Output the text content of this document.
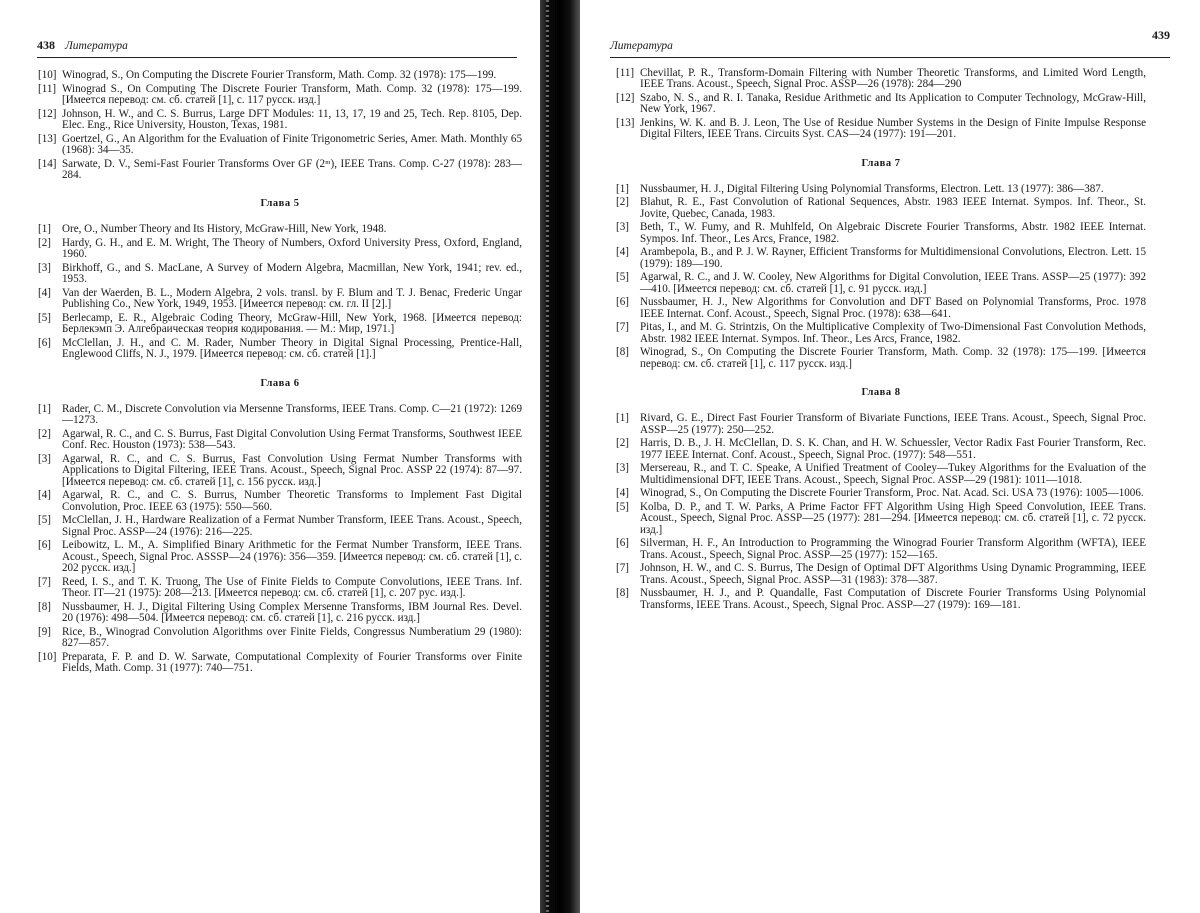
438 Литература
[10] Winograd, S., On Computing the Discrete Fourier Transform, Math. Comp. 32 (1978): 175—199.
[11] Winograd S., On Computing The Discrete Fourier Transform, Math. Comp. 32 (1978): 175—199. [Имеется перевод: см. сб. статей [1], с. 117 русск. изд.]
[12] Johnson, H. W., and C. S. Burrus, Large DFT Modules: 11, 13, 17, 19 and 25, Tech. Rep. 8105, Dep. Elec. Eng., Rice University, Houston, Texas, 1981.
[13] Goertzel, G., An Algorithm for the Evaluation of Finite Trigonometric Series, Amer. Math. Monthly 65 (1968): 34—35.
[14] Sarwate, D. V., Semi-Fast Fourier Transforms Over GF (2ᵐ), IEEE Trans. Comp. C-27 (1978): 283—284.
Глава 5
[1] Ore, O., Number Theory and Its History, McGraw-Hill, New York, 1948.
[2] Hardy, G. H., and E. M. Wright, The Theory of Numbers, Oxford University Press, Oxford, England, 1960.
[3] Birkhoff, G., and S. MacLane, A Survey of Modern Algebra, Macmillan, New York, 1941; rev. ed., 1953.
[4] Van der Waerden, B. L., Modern Algebra, 2 vols. transl. by F. Blum and T. J. Benac, Frederic Ungar Publishing Co., New York, 1949, 1953. [Имеется перевод: см. гл. II [2].]
[5] Berlecamp, E. R., Algebraic Coding Theory, McGraw-Hill, New York, 1968. [Имеется перевод: Берлекэмп Э. Алгебраическая теория кодирования. — М.: Мир, 1971.]
[6] McClellan, J. H., and C. M. Rader, Number Theory in Digital Signal Processing, Prentice-Hall, Englewood Cliffs, N. J., 1979. [Имеется перевод: см. сб. статей [1].]
Глава 6
[1] Rader, C. M., Discrete Convolution via Mersenne Transforms, IEEE Trans. Comp. C—21 (1972): 1269—1273.
[2] Agarwal, R. C., and C. S. Burrus, Fast Digital Convolution Using Fermat Transforms, Southwest IEEE Conf. Rec. Houston (1973): 538—543.
[3] Agarwal, R. C., and C. S. Burrus, Fast Convolution Using Fermat Number Transforms with Applications to Digital Filtering, IEEE Trans. Acoust., Speech, Signal Proc. ASSP 22 (1974): 87—97. [Имеется перевод: см. сб. статей [1], с. 156 русск. изд.]
[4] Agarwal, R. C., and C. S. Burrus, Number Theoretic Transforms to Implement Fast Digital Convolution, Proc. IEEE 63 (1975): 550—560.
[5] McClellan, J. H., Hardware Realization of a Fermat Number Transform, IEEE Trans. Acoust., Speech, Signal Proc. ASSP—24 (1976): 216—225.
[6] Leibowitz, L. M., A. Simplified Binary Arithmetic for the Fermat Number Transform, IEEE Trans. Acoust., Speech, Signal Proc. ASSSP—24 (1976): 356—359. [Имеется перевод: см. сб. статей [1], с. 202 русск. изд.]
[7] Reed, I. S., and T. K. Truong, The Use of Finite Fields to Compute Convolutions, IEEE Trans. Inf. Theor. IT—21 (1975): 208—213. [Имеется перевод: см. сб. статей [1], с. 207 рус. изд.].
[8] Nussbaumer, H. J., Digital Filtering Using Complex Mersenne Transforms, IBM Journal Res. Devel. 20 (1976): 498—504. [Имеется перевод: см. сб. статей [1], с. 216 русск. изд.]
[9] Rice, B., Winograd Convolution Algorithms over Finite Fields, Congressus Numberatium 29 (1980): 827—857.
[10] Preparata, F. P. and D. W. Sarwate, Computational Complexity of Fourier Transforms over Finite Fields, Math. Comp. 31 (1977): 740—751.
Литература
439
[11] Chevillat, P. R., Transform-Domain Filtering with Number Theoretic Transforms, and Limited Word Length, IEEE Trans. Acoust., Speech, Signal Proc. ASSP—26 (1978): 284—290
[12] Szabo, N. S., and R. I. Tanaka, Residue Arithmetic and Its Application to Computer Technology, McGraw-Hill, New York, 1967.
[13] Jenkins, W. K. and B. J. Leon, The Use of Residue Number Systems in the Design of Finite Impulse Response Digital Filters, IEEE Trans. Circuits Syst. CAS—24 (1977): 191—201.
Глава 7
[1] Nussbaumer, H. J., Digital Filtering Using Polynomial Transforms, Electron. Lett. 13 (1977): 386—387.
[2] Blahut, R. E., Fast Convolution of Rational Sequences, Abstr. 1983 IEEE Internat. Sympos. Inf. Theor., St. Jovite, Quebec, Canada, 1983.
[3] Beth, T., W. Fumy, and R. Muhlfeld, On Algebraic Discrete Fourier Transforms, Abstr. 1982 IEEE Internat. Sympos. Inf. Theor., Les Arcs, France, 1982.
[4] Arambepola, B., and P. J. W. Rayner, Efficient Transforms for Multidimensional Convolutions, Electron. Lett. 15 (1979): 189—190.
[5] Agarwal, R. C., and J. W. Cooley, New Algorithms for Digital Convolution, IEEE Trans. ASSP—25 (1977): 392—410. [Имеется перевод: см. сб. статей [1], с. 91 русск. изд.]
[6] Nussbaumer, H. J., New Algorithms for Convolution and DFT Based on Polynomial Transforms, Proc. 1978 IEEE Internat. Conf. Acoust., Speech, Signal Proc. (1978): 638—641.
[7] Pitas, I., and M. G. Strintzis, On the Multiplicative Complexity of Two-Dimensional Fast Convolution Methods, Abstr. 1982 IEEE Internat. Sympos. Inf. Theor., Les Arcs, France, 1982.
[8] Winograd, S., On Computing the Discrete Fourier Transform, Math. Comp. 32 (1978): 175—199. [Имеется перевод: см. сб. статей [1], с. 117 русск. изд.]
Глава 8
[1] Rivard, G. E., Direct Fast Fourier Transform of Bivariate Functions, IEEE Trans. Acoust., Speech, Signal Proc. ASSP—25 (1977): 250—252.
[2] Harris, D. B., J. H. McClellan, D. S. K. Chan, and H. W. Schuessler, Vector Radix Fast Fourier Transform, Rec. 1977 IEEE Internat. Conf. Acoust., Speech, Signal Proc. (1977): 548—551.
[3] Mersereau, R., and T. C. Speake, A Unified Treatment of Cooley—Tukey Algorithms for the Evaluation of the Multidimensional DFT, IEEE Trans. Acoust., Speech, Signal Proc. ASSP—29 (1981): 1011—1018.
[4] Winograd, S., On Computing the Discrete Fourier Transform, Proc. Nat. Acad. Sci. USA 73 (1976): 1005—1006.
[5] Kolba, D. P., and T. W. Parks, A Prime Factor FFT Algorithm Using High Speed Convolution, IEEE Trans. Acoust., Speech, Signal Proc. ASSP—25 (1977): 281—294. [Имеется перевод: см. сб. статей [1], с. 72 русск. изд.]
[6] Silverman, H. F., An Introduction to Programming the Winograd Fourier Transform Algorithm (WFTA), IEEE Trans. Acoust., Speech, Signal Proc. ASSP—25 (1977): 152—165.
[7] Johnson, H. W., and C. S. Burrus, The Design of Optimal DFT Algorithms Using Dynamic Programming, IEEE Trans. Acoust., Speech, Signal Proc. ASSP—31 (1983): 378—387.
[8] Nussbaumer, H. J., and P. Quandalle, Fast Computation of Discrete Fourier Transforms Using Polynomial Transforms, IEEE Trans. Acoust., Speech, Signal Proc. ASSP—27 (1979): 169—181.
